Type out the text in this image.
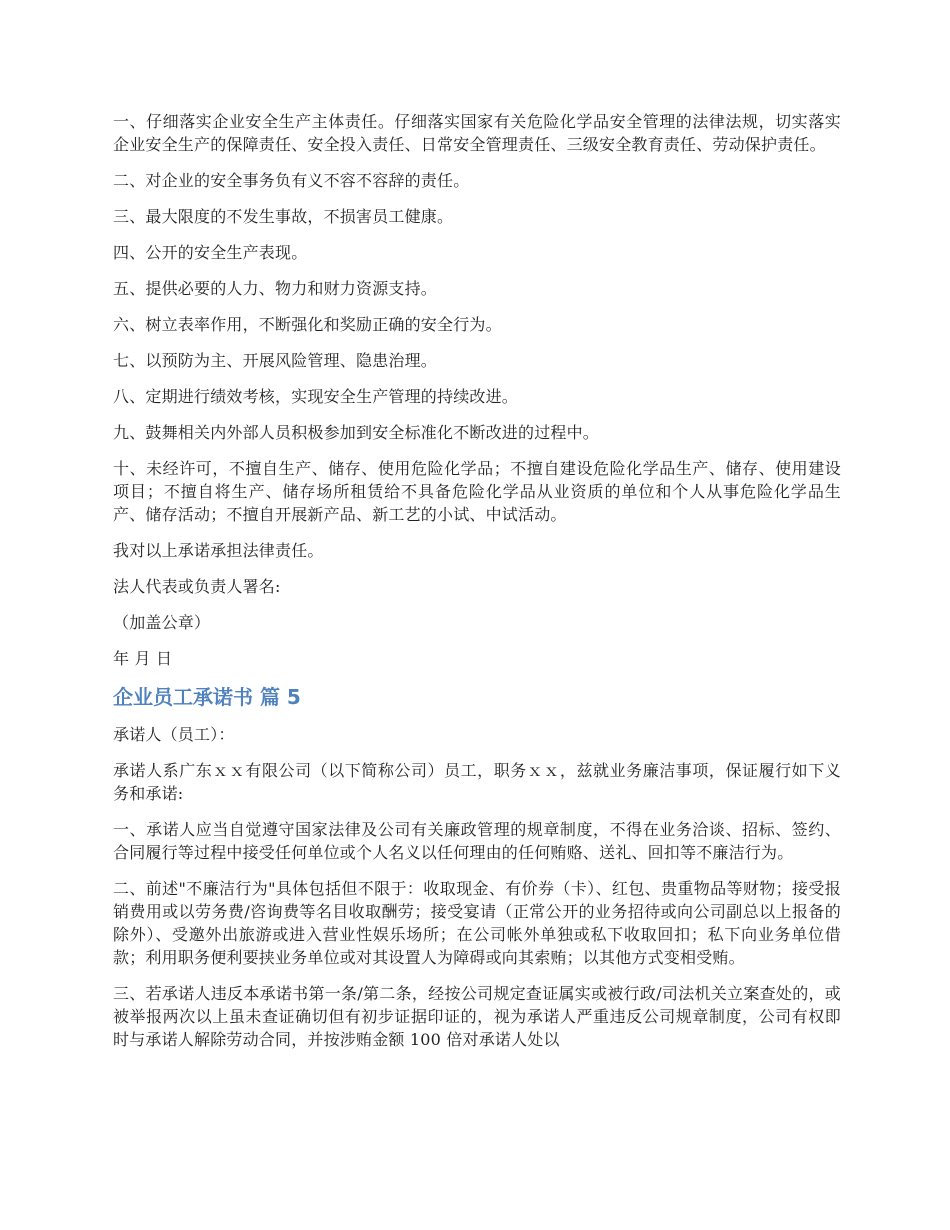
一、仔细落实企业安全生产主体责任。仔细落实国家有关危险化学品安全管理的法律法规，切实落实企业安全生产的保障责任、安全投入责任、日常安全管理责任、三级安全教育责任、劳动保护责任。

二、对企业的安全事务负有义不容不容辞的责任。

三、最大限度的不发生事故，不损害员工健康。

四、公开的安全生产表现。

五、提供必要的人力、物力和财力资源支持。

六、树立表率作用，不断强化和奖励正确的安全行为。

七、以预防为主、开展风险管理、隐患治理。

八、定期进行绩效考核，实现安全生产管理的持续改进。

九、鼓舞相关内外部人员积极参加到安全标准化不断改进的过程中。

十、未经许可，不擅自生产、储存、使用危险化学品；不擅自建设危险化学品生产、储存、使用建设项目；不擅自将生产、储存场所租赁给不具备危险化学品从业资质的单位和个人从事危险化学品生产、储存活动；不擅自开展新产品、新工艺的小试、中试活动。

我对以上承诺承担法律责任。

法人代表或负责人署名:

（加盖公章）

年 月 日

企业员工承诺书 篇 5

承诺人（员工）：

承诺人系广东ｘｘ有限公司（以下简称公司）员工，职务ｘｘ，兹就业务廉洁事项，保证履行如下义务和承诺:

一、承诺人应当自觉遵守国家法律及公司有关廉政管理的规章制度，不得在业务洽谈、招标、签约、合同履行等过程中接受任何单位或个人名义以任何理由的任何贿赂、送礼、回扣等不廉洁行为。

二、前述"不廉洁行为"具体包括但不限于：收取现金、有价券（卡）、红包、贵重物品等财物；接受报销费用或以劳务费/咨询费等名目收取酬劳；接受宴请（正常公开的业务招待或向公司副总以上报备的除外）、受邀外出旅游或进入营业性娱乐场所；在公司帐外单独或私下收取回扣；私下向业务单位借款；利用职务便利要挟业务单位或对其设置人为障碍或向其索贿；以其他方式变相受贿。

三、若承诺人违反本承诺书第一条/第二条，经按公司规定查证属实或被行政/司法机关立案查处的，或被举报两次以上虽未查证确切但有初步证据印证的，视为承诺人严重违反公司规章制度，公司有权即时与承诺人解除劳动合同，并按涉贿金额 100 倍对承诺人处以
